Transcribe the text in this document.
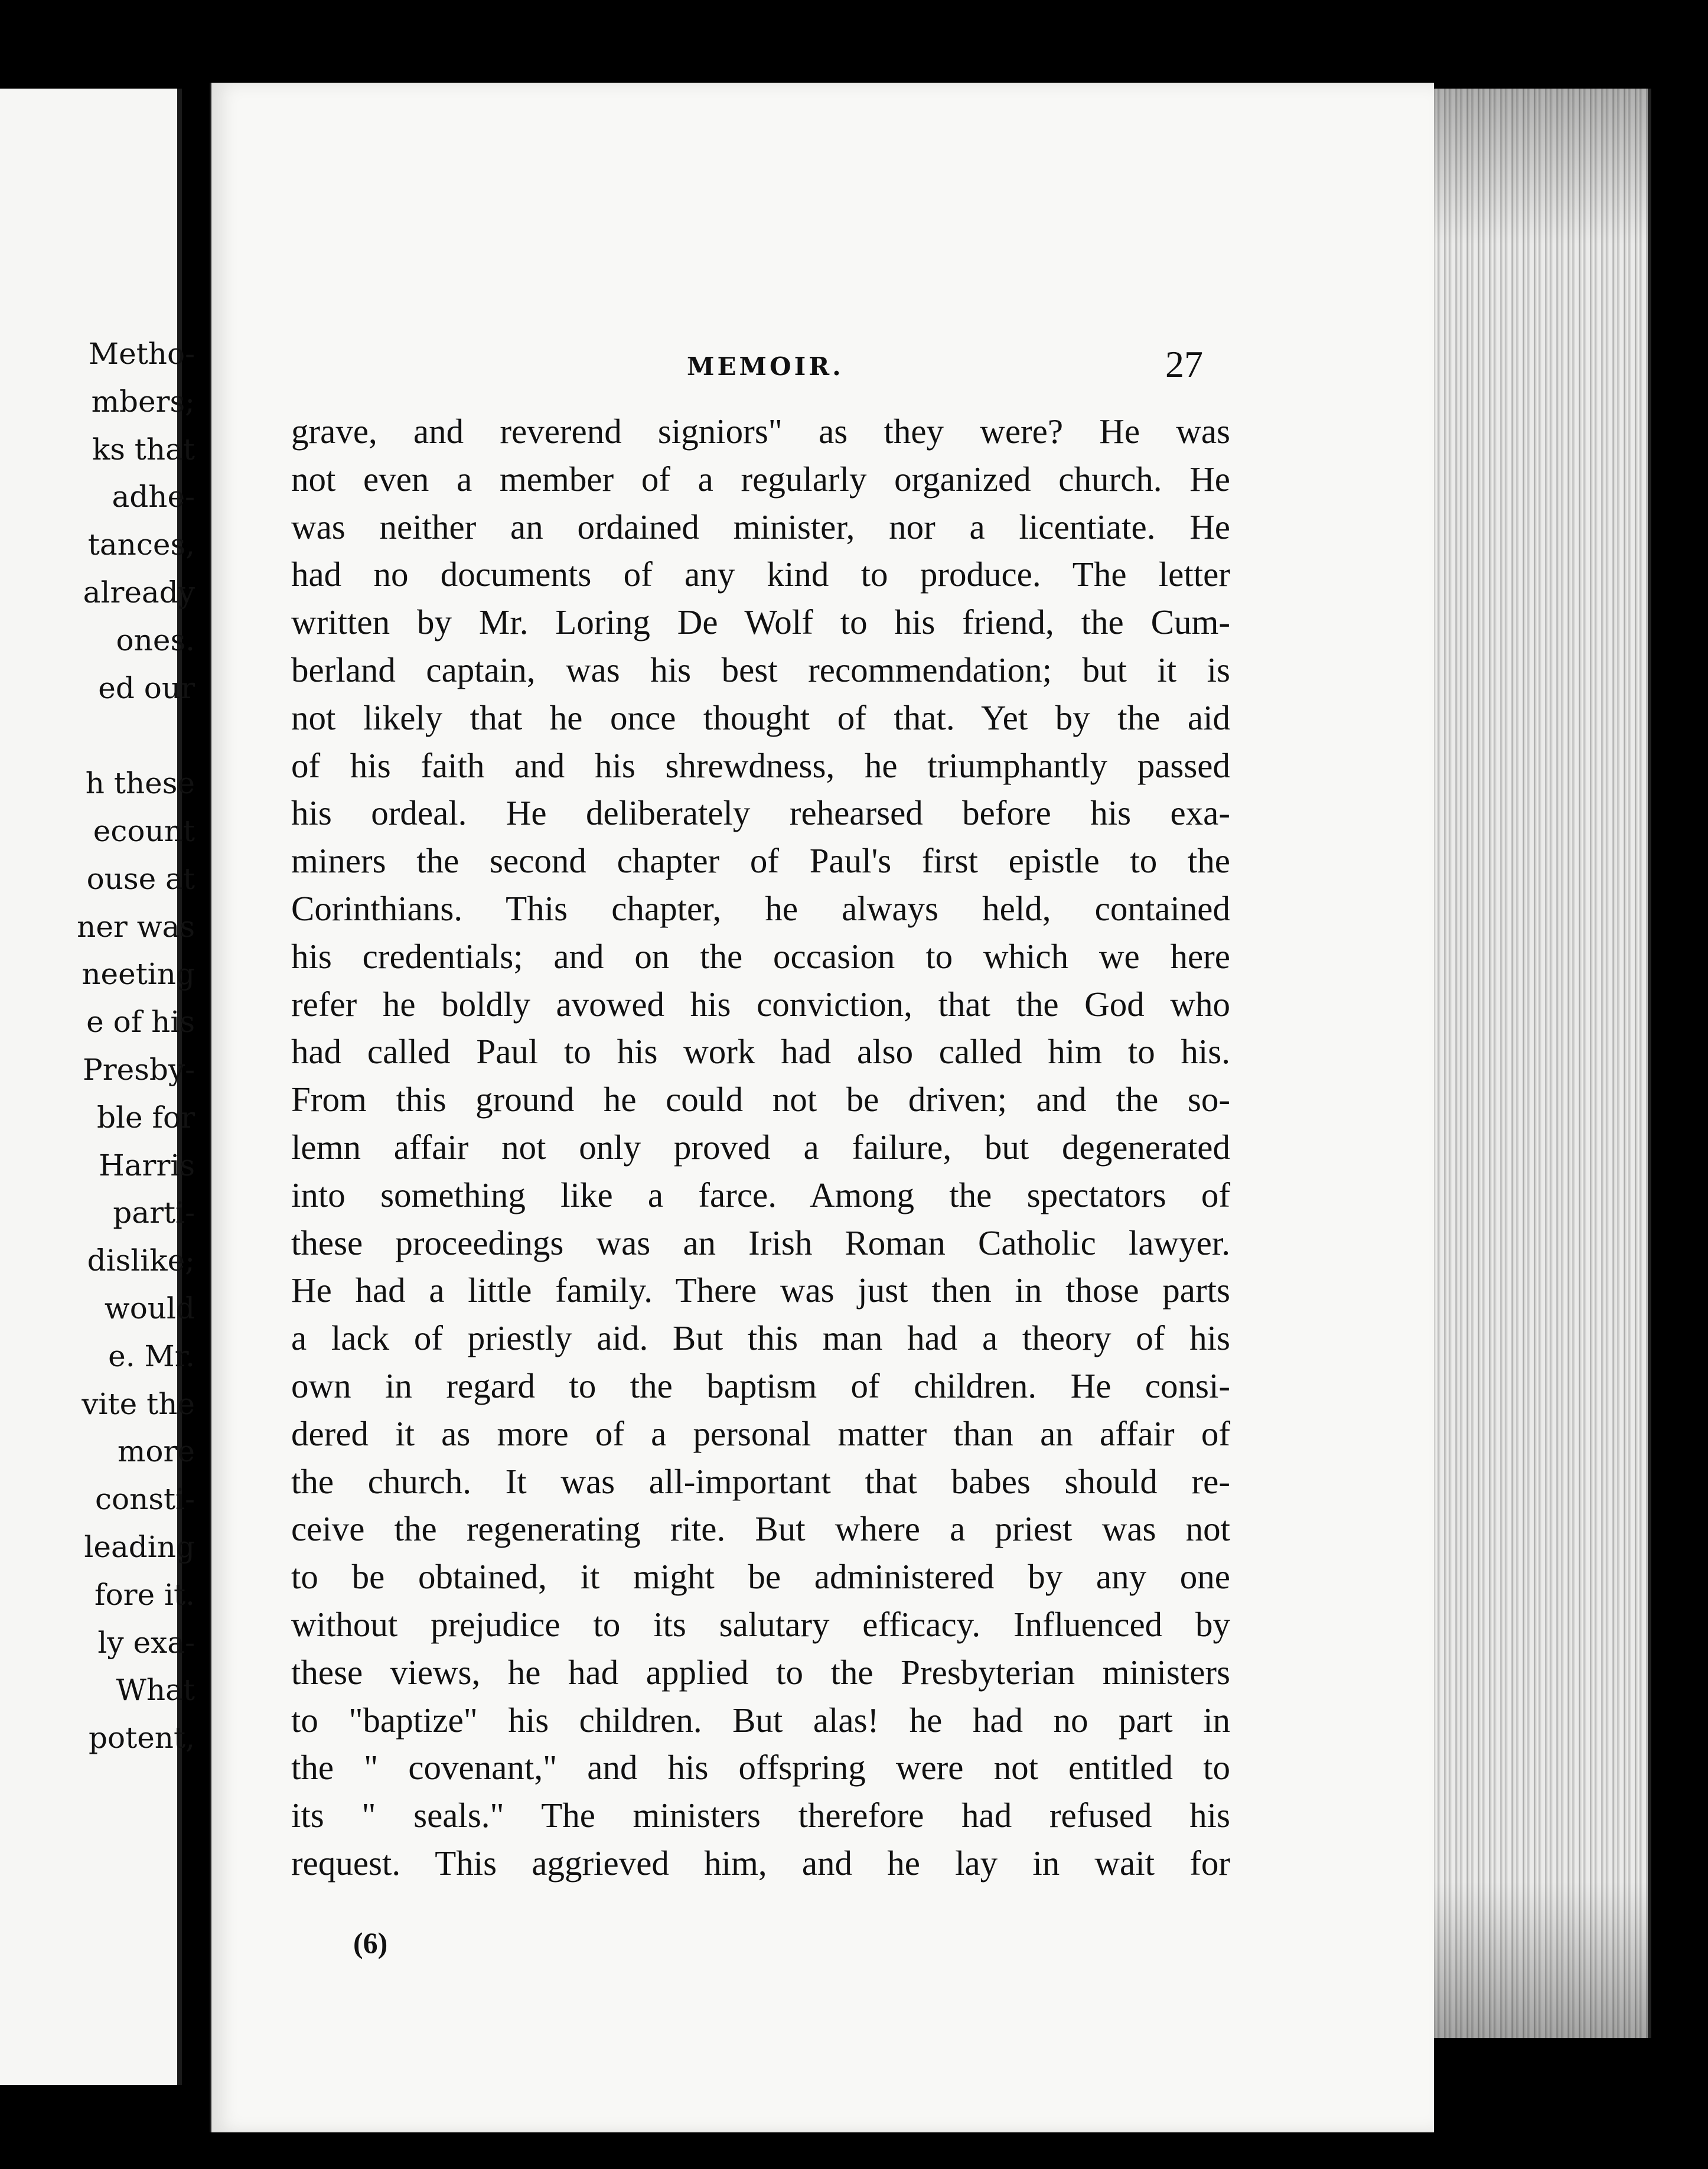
Metho-
mbers;
ks that
adhe-
tances,
already
ones.
ed our
h these
ecount
ouse at
ner was
neeting
e of his
Presby-
ble for
Harris
parti-
dislike;
would
e. Mr.
vite the
more
consti-
leading
fore it.
ly exa-
What
potent,
MEMOIR.	27
grave, and reverend signiors" as they were? He was
not even a member of a regularly organized church. He
was neither an ordained minister, nor a licentiate. He
had no documents of any kind to produce. The letter
written by Mr. Loring De Wolf to his friend, the Cum-
berland captain, was his best recommendation; but it is
not likely that he once thought of that. Yet by the aid
of his faith and his shrewdness, he triumphantly passed
his ordeal. He deliberately rehearsed before his exa-
miners the second chapter of Paul's first epistle to the
Corinthians. This chapter, he always held, contained
his credentials; and on the occasion to which we here
refer he boldly avowed his conviction, that the God who
had called Paul to his work had also called him to his.
From this ground he could not be driven; and the so-
lemn affair not only proved a failure, but degenerated
into something like a farce. Among the spectators of
these proceedings was an Irish Roman Catholic lawyer.
He had a little family. There was just then in those parts
a lack of priestly aid. But this man had a theory of his
own in regard to the baptism of children. He consi-
dered it as more of a personal matter than an affair of
the church. It was all-important that babes should re-
ceive the regenerating rite. But where a priest was not
to be obtained, it might be administered by any one
without prejudice to its salutary efficacy. Influenced by
these views, he had applied to the Presbyterian ministers
to "baptize" his children. But alas! he had no part in
the " covenant," and his offspring were not entitled to
its " seals." The ministers therefore had refused his
request. This aggrieved him, and he lay in wait for
(6)
